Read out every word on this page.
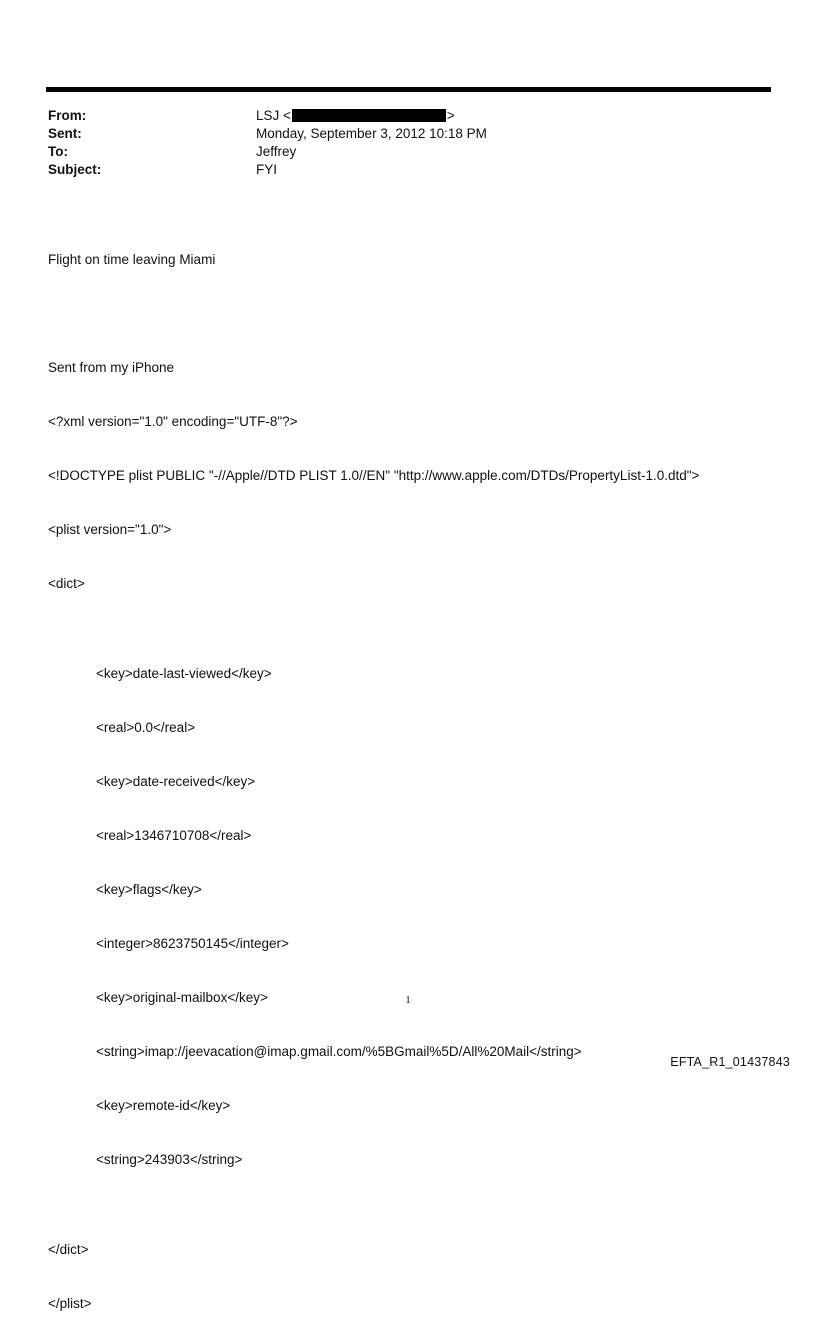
From:	LSJ <	>
Sent:	Monday, September 3, 2012 10:18 PM
To:	Jeffrey
Subject:	FYI

Flight on time leaving Miami

Sent from my iPhone

<?xml version="1.0" encoding="UTF-8"?>

<!DOCTYPE plist PUBLIC "-//Apple//DTD PLIST 1.0//EN" "http://www.apple.com/DTDs/PropertyList-1.0.dtd">

<plist version="1.0">

<dict>

<key>date-last-viewed</key>

<real>0.0</real>

<key>date-received</key>

<real>1346710708</real>

<key>flags</key>

<integer>8623750145</integer>

<key>original-mailbox</key>

<string>imap://jeevacation@imap.gmail.com/%5BGmail%5D/All%20Mail</string>

<key>remote-id</key>

<string>243903</string>

</dict>

</plist>

1
EFTA_R1_01437843
